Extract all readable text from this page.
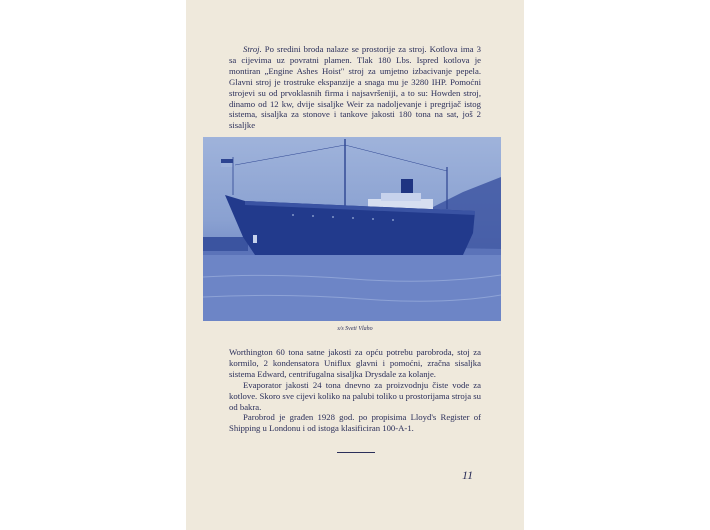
Stroj. Po sredini broda nalaze se prostorije za stroj. Kotlova ima 3 sa cijevima uz povratni plamen. Tlak 180 Lbs. Ispred kotlova je montiran „Engine Ashes Hoist" stroj za umjetno izbacivanje pepela. Glavni stroj je trostruke ekspanzije a snaga mu je 3280 IHP. Pomoćni strojevi su od prvoklasnih firma i najsavršeniji, a to su: Howden stroj, dinamo od 12 kw, dvije sisaljke Weir za nadoljevanje i pregrijač istog sistema, sisaljka za stonove i tankove jakosti 180 tona na sat, još 2 sisaljke

s/s Sveti Vlaho

Worthington 60 tona satne jakosti za opću potrebu parobroda, stoj za kormilo, 2 kondensatora Uniflux glavni i pomoćni, zračna sisaljka sistema Edward, centrifugalna sisaljka Drysdale za kolanje.

Evaporator jakosti 24 tona dnevno za proizvodnju čiste vode za kotlove. Skoro sve cijevi koliko na palubi toliko u prostorijama stroja su od bakra.

Parobrod je građen 1928 god. po propisima Lloyd's Register of Shipping u Londonu i od istoga klasificiran 100-A-1.

11
